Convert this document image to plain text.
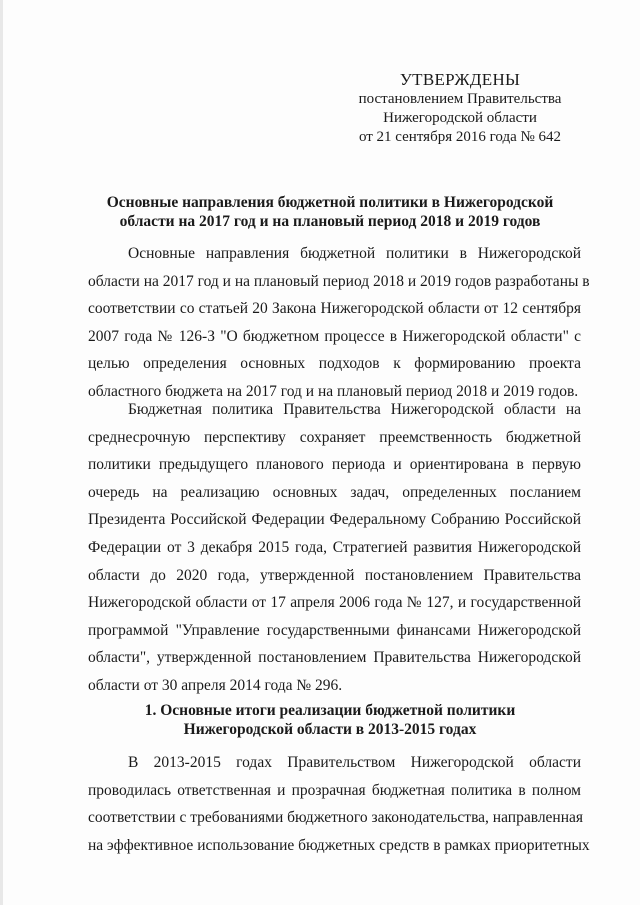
УТВЕРЖДЕНЫ

постановлением Правительства

Нижегородской области

от 21 сентября 2016 года № 642

Основные направления бюджетной политики в Нижегородской

области на 2017 год и на плановый период 2018 и 2019 годов

Основные направления бюджетной политики в Нижегородской
области на 2017 год и на плановый период 2018 и 2019 годов разработаны в
соответствии со статьей 20 Закона Нижегородской области от 12 сентября
2007 года № 126-З "О бюджетном процессе в Нижегородской области" с
целью определения основных подходов к формированию проекта
областного бюджета на 2017 год и на плановый период 2018 и 2019 годов.
Бюджетная политика Правительства Нижегородской области на
среднесрочную перспективу сохраняет преемственность бюджетной
политики предыдущего планового периода и ориентирована в первую
очередь на реализацию основных задач, определенных посланием
Президента Российской Федерации Федеральному Собранию Российской
Федерации от 3 декабря 2015 года, Стратегией развития Нижегородской
области до 2020 года, утвержденной постановлением Правительства
Нижегородской области от 17 апреля 2006 года № 127, и государственной
программой "Управление государственными финансами Нижегородской
области", утвержденной постановлением Правительства Нижегородской
области от 30 апреля 2014 года № 296.

1. Основные итоги реализации бюджетной политики

Нижегородской области в 2013-2015 годах

В 2013-2015 годах Правительством Нижегородской области
проводилась ответственная и прозрачная бюджетная политика в полном
соответствии с требованиями бюджетного законодательства, направленная
на эффективное использование бюджетных средств в рамках приоритетных
